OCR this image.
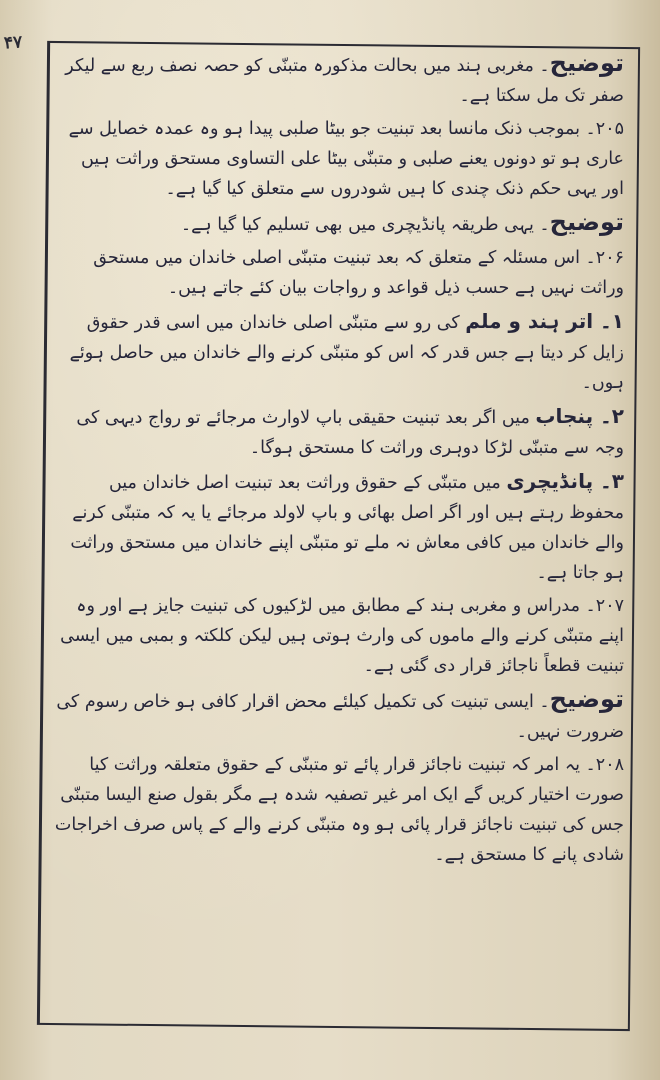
۴۷

توضیح۔ مغربی ہند میں بحالت مذکورہ متبنّی کو حصہ نصف ربع سے لیکر صفر تک مل سکتا ہے۔

۲۰۵۔ بموجب ذنک مانسا بعد تبنیت جو بیٹا صلبی پیدا ہو وہ عمدہ خصایل سے عاری ہو تو دونوں یعنے صلبی و متبنّی بیٹا علی التساوی مستحق وراثت ہیں اور یہی حکم ذنک چندی کا ہیں شودروں سے متعلق کیا گیا ہے۔

توضیح۔ یہی طریقہ پانڈیچری میں بھی تسلیم کیا گیا ہے۔

۲۰۶۔ اس مسئلہ کے متعلق کہ بعد تبنیت متبنّی اصلی خاندان میں مستحق وراثت نہیں ہے حسب ذیل قواعد و رواجات بیان کئے جاتے ہیں۔

۱۔ اتر ہند و ملم کی رو سے متبنّی اصلی خاندان میں اسی قدر حقوق زایل کر دیتا ہے جس قدر کہ اس کو متبنّی کرنے والے خاندان میں حاصل ہوئے ہوں۔

۲۔ پنجاب میں اگر بعد تبنیت حقیقی باپ لاوارث مرجائے تو رواج دیہی کی وجہ سے متبنّی لڑکا دوہری وراثت کا مستحق ہوگا۔

۳۔ پانڈیچری میں متبنّی کے حقوق وراثت بعد تبنیت اصل خاندان میں محفوظ رہتے ہیں اور اگر اصل بھائی و باپ لاولد مرجائے یا یہ کہ متبنّی کرنے والے خاندان میں کافی معاش نہ ملے تو متبنّی اپنے خاندان میں مستحق وراثت ہو جاتا ہے۔

۲۰۷۔ مدراس و مغربی ہند کے مطابق میں لڑکیوں کی تبنیت جایز ہے اور وہ اپنے متبنّی کرنے والے ماموں کی وارث ہوتی ہیں لیکن کلکتہ و بمبی میں ایسی تبنیت قطعاً ناجائز قرار دی گئی ہے۔

توضیح۔ ایسی تبنیت کی تکمیل کیلئے محض اقرار کافی ہو خاص رسوم کی ضرورت نہیں۔

۲۰۸۔ یہ امر کہ تبنیت ناجائز قرار پائے تو متبنّی کے حقوق متعلقہ وراثت کیا صورت اختیار کریں گے ایک امر غیر تصفیہ شدہ ہے مگر بقول صنع الیسا متبنّی جس کی تبنیت ناجائز قرار پائی ہو وہ متبنّی کرنے والے کے پاس صرف اخراجات شادی پانے کا مستحق ہے۔
